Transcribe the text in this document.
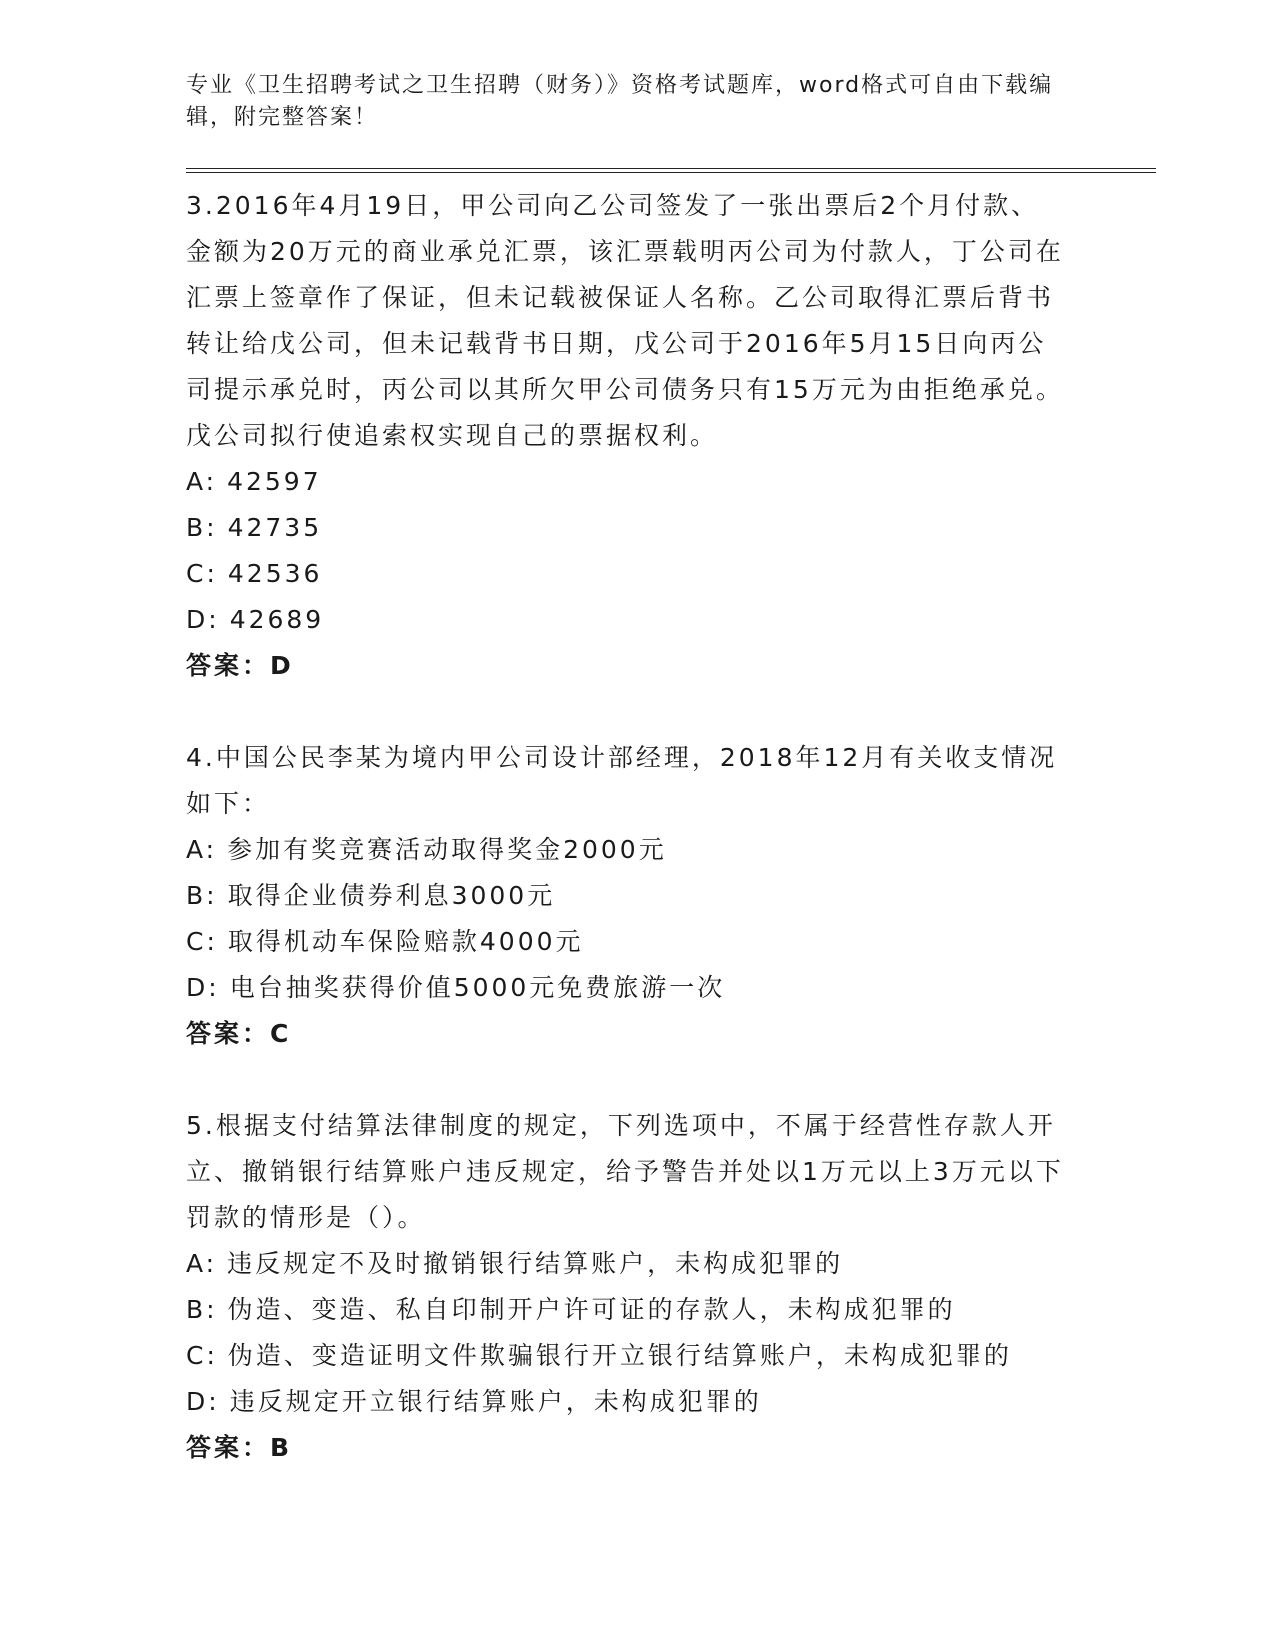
专业《卫生招聘考试之卫生招聘（财务）》资格考试题库，word格式可自由下载编辑，附完整答案！
3.2016年4月19日，甲公司向乙公司签发了一张出票后2个月付款、金额为20万元的商业承兑汇票，该汇票载明丙公司为付款人，丁公司在汇票上签章作了保证，但未记载被保证人名称。乙公司取得汇票后背书转让给戊公司，但未记载背书日期，戊公司于2016年5月15日向丙公司提示承兑时，丙公司以其所欠甲公司债务只有15万元为由拒绝承兑。戊公司拟行使追索权实现自己的票据权利。
A: 42597
B: 42735
C: 42536
D: 42689
答案：D
4.中国公民李某为境内甲公司设计部经理，2018年12月有关收支情况如下：
A: 参加有奖竞赛活动取得奖金2000元
B: 取得企业债券利息3000元
C: 取得机动车保险赔款4000元
D: 电台抽奖获得价值5000元免费旅游一次
答案：C
5.根据支付结算法律制度的规定，下列选项中，不属于经营性存款人开立、撤销银行结算账户违反规定，给予警告并处以1万元以上3万元以下罚款的情形是（）。
A: 违反规定不及时撤销银行结算账户，未构成犯罪的
B: 伪造、变造、私自印制开户许可证的存款人，未构成犯罪的
C: 伪造、变造证明文件欺骗银行开立银行结算账户，未构成犯罪的
D: 违反规定开立银行结算账户，未构成犯罪的
答案：B
